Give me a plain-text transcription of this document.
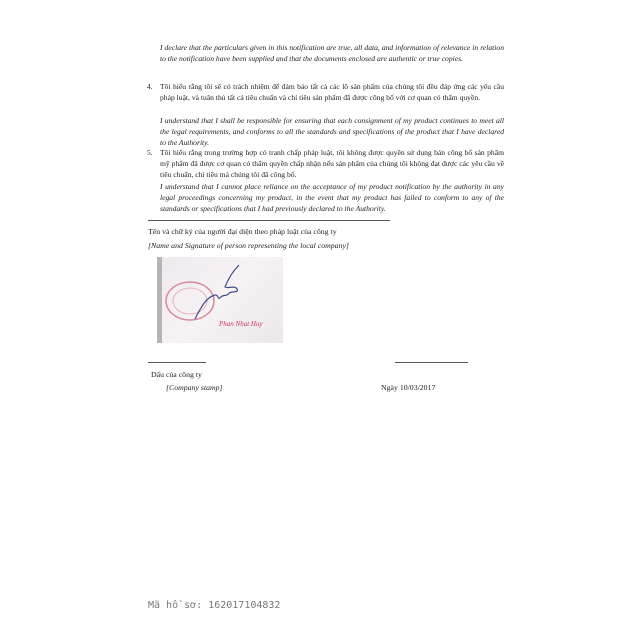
I declare that the particulars given in this notification are true, all data, and information of relevance in relation to the notification have been supplied and that the documents enclosed are authentic or true copies.
4. Tôi hiểu rằng tôi sẽ có trách nhiệm để đảm bảo tất cả các lô sản phẩm của chúng tôi đều đáp ứng các yêu cầu pháp luật, và tuân thủ tất cả tiêu chuẩn và chỉ tiêu sản phẩm đã được công bố với cơ quan có thẩm quyền.
I understand that I shall be responsible for ensuring that each consignment of my product continues to meet all the legal requirements, and conforms to all the standards and specifications of the product that I have declared to the Authority.
5. Tôi hiểu rằng trong trường hợp có tranh chấp pháp luật, tôi không được quyền sử dụng bản công bố sản phẩm mỹ phẩm đã được cơ quan có thẩm quyền chấp nhận nếu sản phẩm của chúng tôi không đạt được các yêu cầu về tiêu chuẩn, chỉ tiêu mà chúng tôi đã công bố.
I understand that I cannot place reliance on the acceptance of my product notification by the authority in any legal proceedings concerning my product, in the event that my product has failed to conform to any of the standards or specifications that I had previously declared to the Authority.
Tên và chữ ký của người đại diện theo pháp luật của công ty
[Name and Signature of person representing the local company]
Phan Nhat Huy
Dấu của công ty
[Company stamp]	Ngày 10/03/2017
Mã hồ sơ: 162017104832
